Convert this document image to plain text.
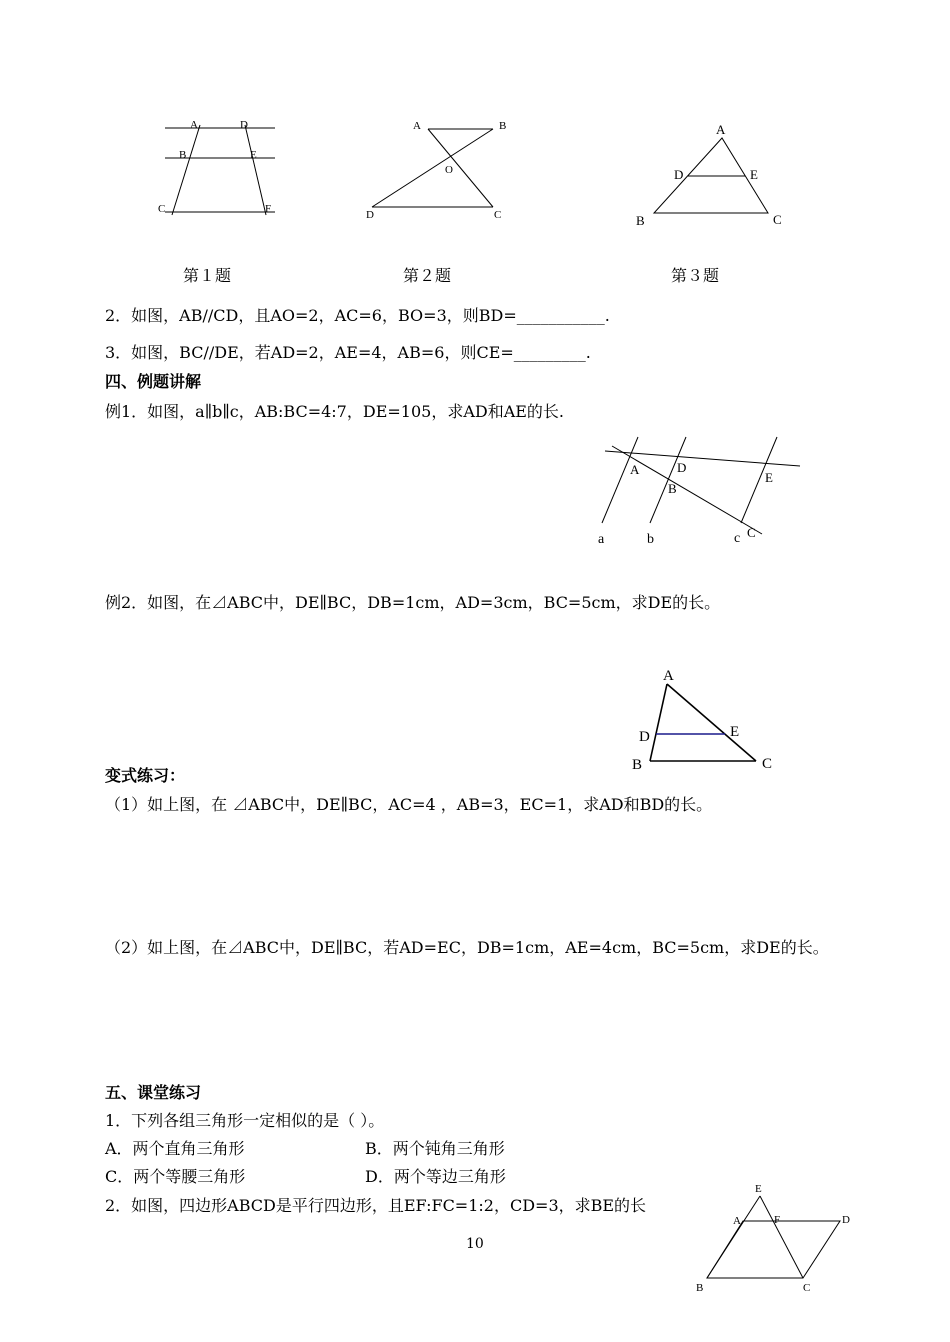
A	D
B	E
C	F
第１题
A	B
O
D	C
第２题
A
D	E
B	C
第３题
2．如图，AB//CD，且AO=2，AC=6，BO=3，则BD=___________.
3．如图，BC//DE，若AD=2，AE=4，AB=6，则CE=_________.
四、例题讲解
例1．如图，a∥b∥c，AB:BC=4:7，DE=105，求AD和AE的长.
A	D
B
E
C
a	b	c
例2．如图，在⊿ABC中，DE∥BC，DB=1cm，AD=3cm，BC=5cm，求DE的长。
A
D	E
B	C
变式练习：
（1）如上图，在 ⊿ABC中，DE∥BC，AC=4 ，AB=3，EC=1，求AD和BD的长。
（2）如上图，在⊿ABC中，DE∥BC，若AD=EC，DB=1cm，AE=4cm，BC=5cm，求DE的长。
五、课堂练习
1．下列各组三角形一定相似的是（ ）。
A．两个直角三角形	B．两个钝角三角形
C．两个等腰三角形	D．两个等边三角形
2．如图，四边形ABCD是平行四边形，且EF:FC=1:2，CD=3，求BE的长
E
A	F	D
B	C
10
